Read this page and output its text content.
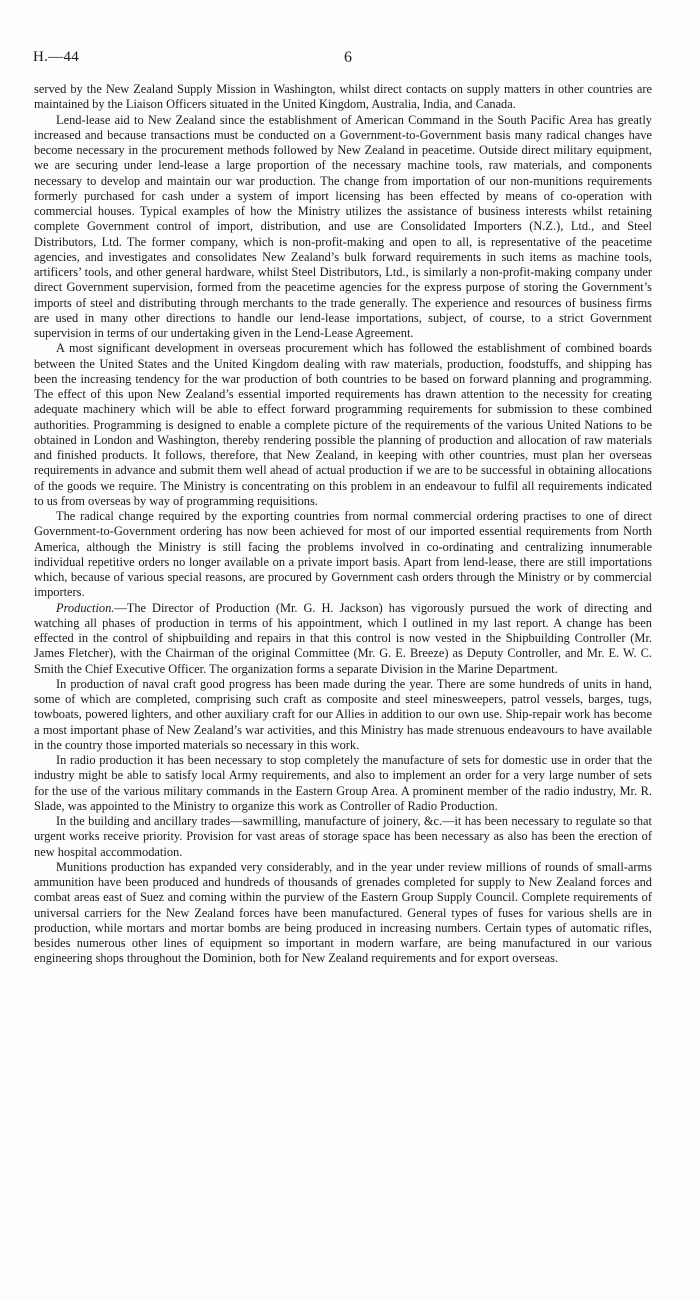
H.—44	6

served by the New Zealand Supply Mission in Washington, whilst direct contacts on supply matters in other countries are maintained by the Liaison Officers situated in the United Kingdom, Australia, India, and Canada.

Lend-lease aid to New Zealand since the establishment of American Command in the South Pacific Area has greatly increased and because transactions must be conducted on a Government-to-Government basis many radical changes have become necessary in the procurement methods followed by New Zealand in peacetime. Outside direct military equipment, we are securing under lend-lease a large proportion of the necessary machine tools, raw materials, and components necessary to develop and maintain our war production. The change from importation of our non-munitions requirements formerly purchased for cash under a system of import licensing has been effected by means of co-operation with commercial houses. Typical examples of how the Ministry utilizes the assistance of business interests whilst retaining complete Government control of import, distribution, and use are Consolidated Importers (N.Z.), Ltd., and Steel Distributors, Ltd. The former company, which is non-profit-making and open to all, is representative of the peacetime agencies, and investigates and consolidates New Zealand’s bulk forward requirements in such items as machine tools, artificers’ tools, and other general hardware, whilst Steel Distributors, Ltd., is similarly a non-profit-making company under direct Government supervision, formed from the peacetime agencies for the express purpose of storing the Government’s imports of steel and distributing through merchants to the trade generally. The experience and resources of business firms are used in many other directions to handle our lend-lease importations, subject, of course, to a strict Government supervision in terms of our undertaking given in the Lend-Lease Agreement.

A most significant development in overseas procurement which has followed the establishment of combined boards between the United States and the United Kingdom dealing with raw materials, production, foodstuffs, and shipping has been the increasing tendency for the war production of both countries to be based on forward planning and programming. The effect of this upon New Zealand’s essential imported requirements has drawn attention to the necessity for creating adequate machinery which will be able to effect forward programming requirements for submission to these combined authorities. Programming is designed to enable a complete picture of the requirements of the various United Nations to be obtained in London and Washington, thereby rendering possible the planning of production and allocation of raw materials and finished products. It follows, therefore, that New Zealand, in keeping with other countries, must plan her overseas requirements in advance and submit them well ahead of actual production if we are to be successful in obtaining allocations of the goods we require. The Ministry is concentrating on this problem in an endeavour to fulfil all requirements indicated to us from overseas by way of programming requisitions.

The radical change required by the exporting countries from normal commercial ordering practises to one of direct Government-to-Government ordering has now been achieved for most of our imported essential requirements from North America, although the Ministry is still facing the problems involved in co-ordinating and centralizing innumerable individual repetitive orders no longer available on a private import basis. Apart from lend-lease, there are still importations which, because of various special reasons, are procured by Government cash orders through the Ministry or by commercial importers.

Production.—The Director of Production (Mr. G. H. Jackson) has vigorously pursued the work of directing and watching all phases of production in terms of his appointment, which I outlined in my last report. A change has been effected in the control of shipbuilding and repairs in that this control is now vested in the Shipbuilding Controller (Mr. James Fletcher), with the Chairman of the original Committee (Mr. G. E. Breeze) as Deputy Controller, and Mr. E. W. C. Smith the Chief Executive Officer. The organization forms a separate Division in the Marine Department.

In production of naval craft good progress has been made during the year. There are some hundreds of units in hand, some of which are completed, comprising such craft as composite and steel minesweepers, patrol vessels, barges, tugs, towboats, powered lighters, and other auxiliary craft for our Allies in addition to our own use. Ship-repair work has become a most important phase of New Zealand’s war activities, and this Ministry has made strenuous endeavours to have available in the country those imported materials so necessary in this work.

In radio production it has been necessary to stop completely the manufacture of sets for domestic use in order that the industry might be able to satisfy local Army requirements, and also to implement an order for a very large number of sets for the use of the various military commands in the Eastern Group Area. A prominent member of the radio industry, Mr. R. Slade, was appointed to the Ministry to organize this work as Controller of Radio Production.

In the building and ancillary trades—sawmilling, manufacture of joinery, &c.—it has been necessary to regulate so that urgent works receive priority. Provision for vast areas of storage space has been necessary as also has been the erection of new hospital accommodation.

Munitions production has expanded very considerably, and in the year under review millions of rounds of small-arms ammunition have been produced and hundreds of thousands of grenades completed for supply to New Zealand forces and combat areas east of Suez and coming within the purview of the Eastern Group Supply Council. Complete requirements of universal carriers for the New Zealand forces have been manufactured. General types of fuses for various shells are in production, while mortars and mortar bombs are being produced in increasing numbers. Certain types of automatic rifles, besides numerous other lines of equipment so important in modern warfare, are being manufactured in our various engineering shops throughout the Dominion, both for New Zealand requirements and for export overseas.
